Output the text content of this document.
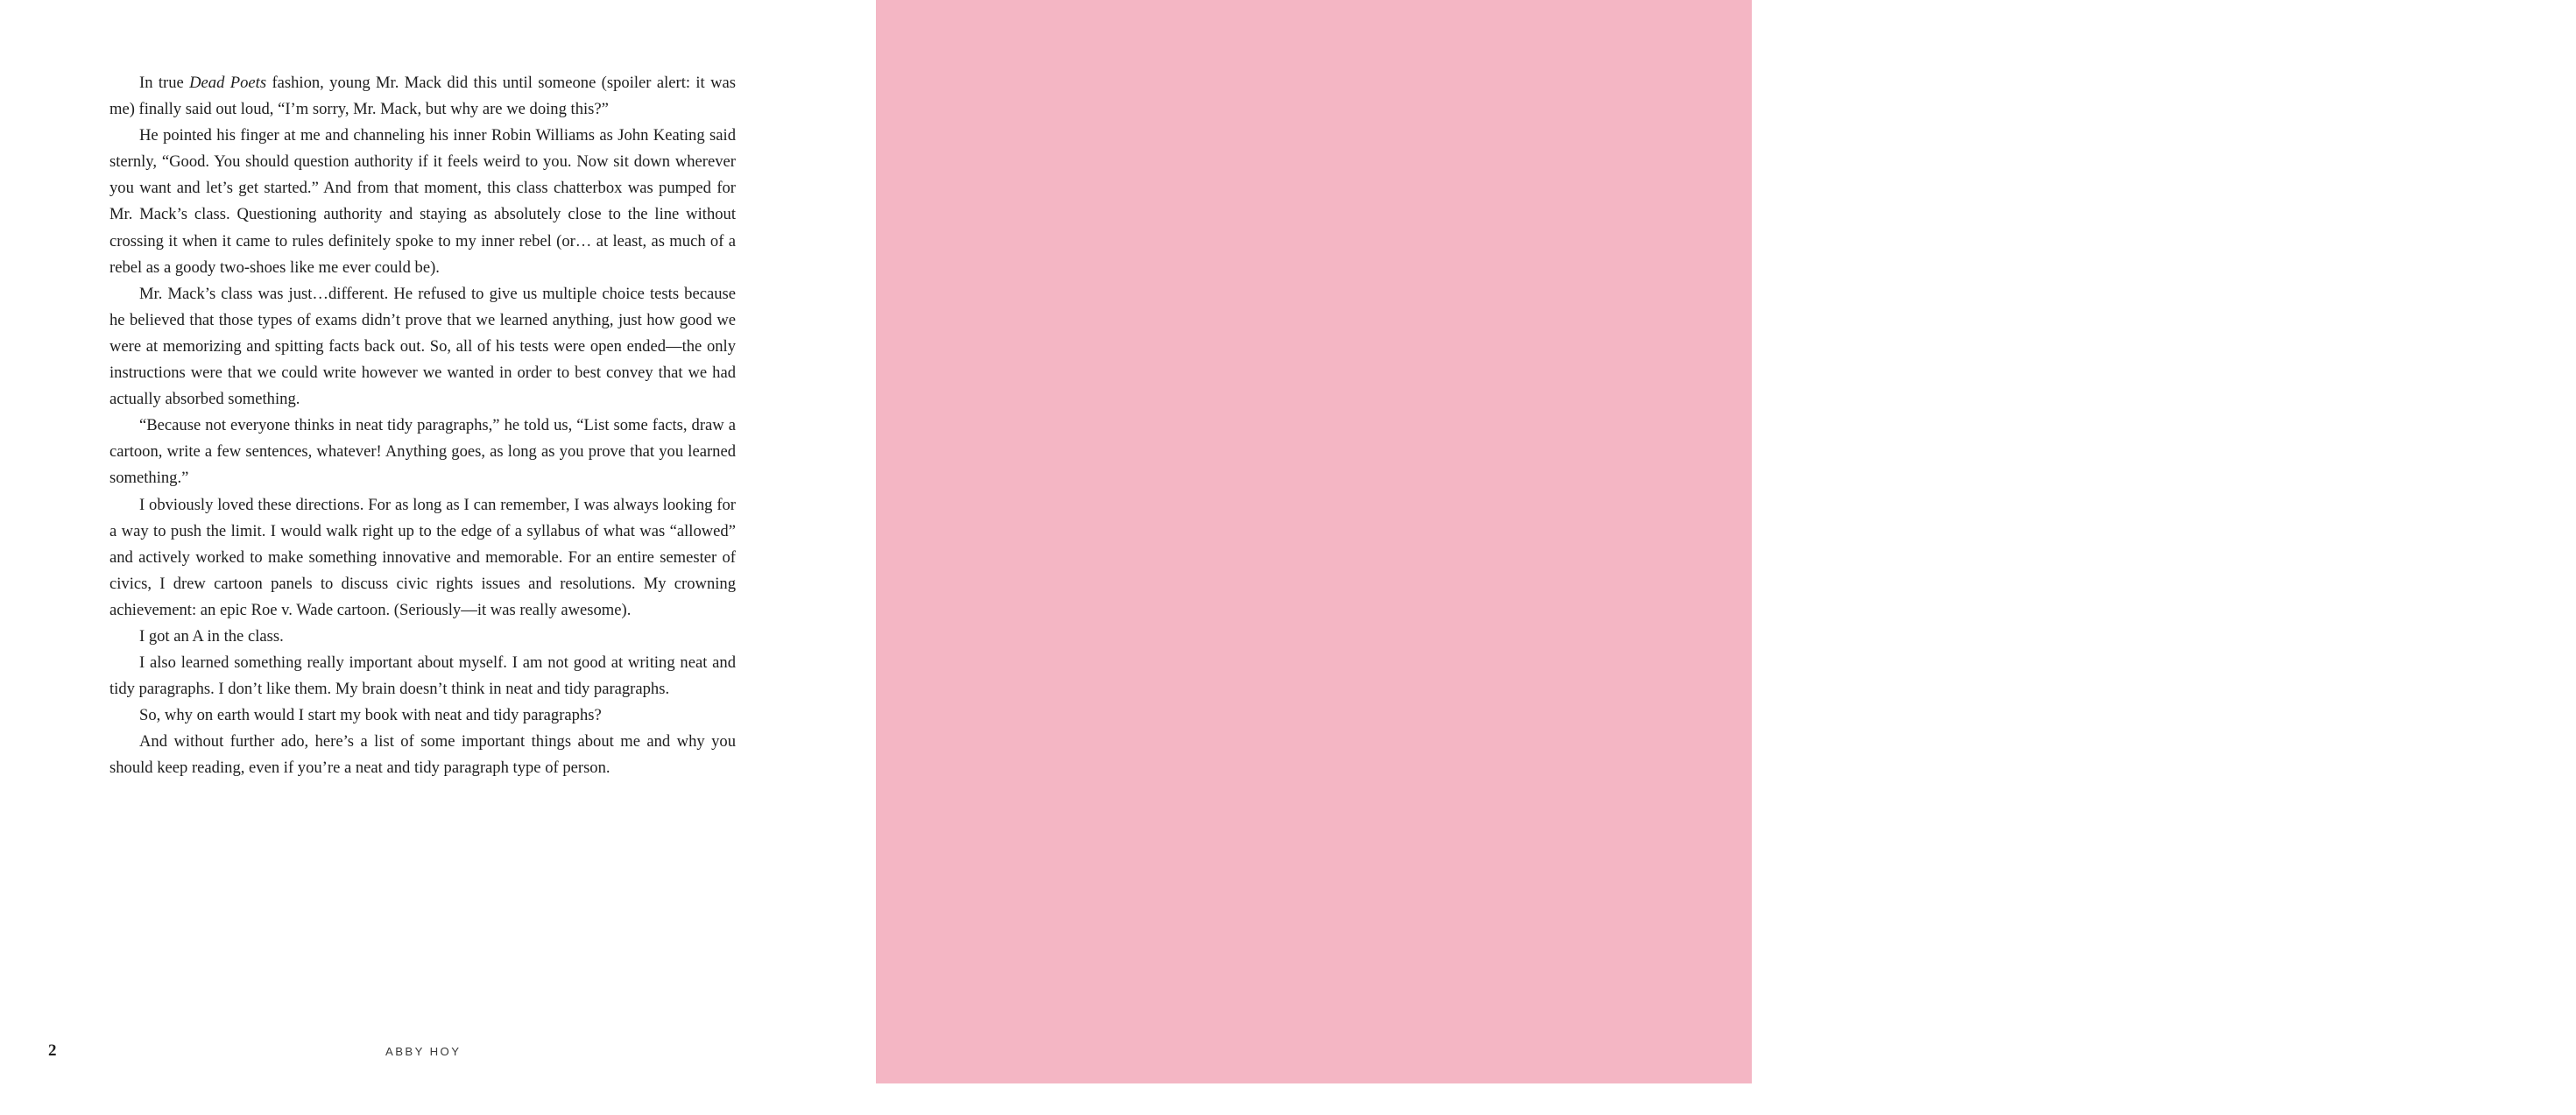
In true Dead Poets fashion, young Mr. Mack did this until someone (spoiler alert: it was me) finally said out loud, “I’m sorry, Mr. Mack, but why are we doing this?”

He pointed his finger at me and channeling his inner Robin Williams as John Keating said sternly, “Good. You should question authority if it feels weird to you. Now sit down wherever you want and let’s get started.” And from that moment, this class chatterbox was pumped for Mr. Mack’s class. Questioning authority and staying as absolutely close to the line without crossing it when it came to rules definitely spoke to my inner rebel (or… at least, as much of a rebel as a goody two-shoes like me ever could be).

Mr. Mack’s class was just…different. He refused to give us multiple choice tests because he believed that those types of exams didn’t prove that we learned anything, just how good we were at memorizing and spitting facts back out. So, all of his tests were open ended—the only instructions were that we could write however we wanted in order to best convey that we had actually absorbed something.

“Because not everyone thinks in neat tidy paragraphs,” he told us, “List some facts, draw a cartoon, write a few sentences, whatever! Anything goes, as long as you prove that you learned something.”

I obviously loved these directions. For as long as I can remember, I was always looking for a way to push the limit. I would walk right up to the edge of a syllabus of what was “allowed” and actively worked to make something innovative and memorable. For an entire semester of civics, I drew cartoon panels to discuss civic rights issues and resolutions. My crowning achievement: an epic Roe v. Wade cartoon. (Seriously—it was really awesome).

I got an A in the class.

I also learned something really important about myself. I am not good at writing neat and tidy paragraphs. I don’t like them. My brain doesn’t think in neat and tidy paragraphs.

So, why on earth would I start my book with neat and tidy paragraphs?

And without further ado, here’s a list of some important things about me and why you should keep reading, even if you’re a neat and tidy paragraph type of person.

2	ABBY HOY

My name is Abby Hoy. Hi!

I am currently in my late twenties.

I “pay the bills” as a social media influencer and content creator. I’ve been doing this in some capacity since 2014.

My husband, Preston, and I have been married since 2018. We met, got engaged, and got married in a community theatre in a park. He’s the absolute best cinnamon roll; he’s simply good to the core.

I am an adult theatre kid. Take from that what you will.

I once had an alien encounter in Roswell, New Mexico.

The first poem I remember writing was in fourth grade, shortly after 9/11, as I started using writing to deal with emotions I didn’t understand. I still have a copy.

I have a bachelor’s degree in communications, and it has mostly made me insufferable to my loved ones because whenever we fight, I ask people to reframe things in “I-statements.”

I am a Saturday Night Live mega-fan. I memorize stats (like original characters vs impressions) about each person on the show like some people keep stats on sports stars. During the Covid-19 lockdown, Preston and I watched twelve years’ worth of SNL episodes.

For some reason, I cannot pronounce the word “sixth.”

One of the things on my bucket list is to have a menu item named after me, so if you happen to be a restaurateur with a nameless dish, please keep me in mind.

I have an eight-pound morkie named Charlie. Preston and I adopted him from a rescue the day after our wedding. Charlie loves laps and is scared of potted plants. He is a very good boy.

I am the type of person that likes to dress my dog in themed outfits.

I cannot dance to save my life. I once won an award in an elementary school theatre production to recognize me for having “two left feet.”

I am open about my journey with depression, anxiety, and chronic pain. I’m pro-therapy, pro-meds, pro-mental health treatment.

I have never met a print that I don’t love. Polka dots? Absolutely. Stripes? Stripe it up, baby! Plaid? I’m plaid to wear it!

I’m a Gemini. My husband is a Virgo … if you’re the astrology type.

I wrote the book that you are reading right now and that is WILD! The wildest part about that? It’s a book that’s mostly about fashion! (And other important things like loving yourself, saying “thank u, next” to the haters, and all that fun stuff.)

YES, YOU CAN WEAR THAT
3
